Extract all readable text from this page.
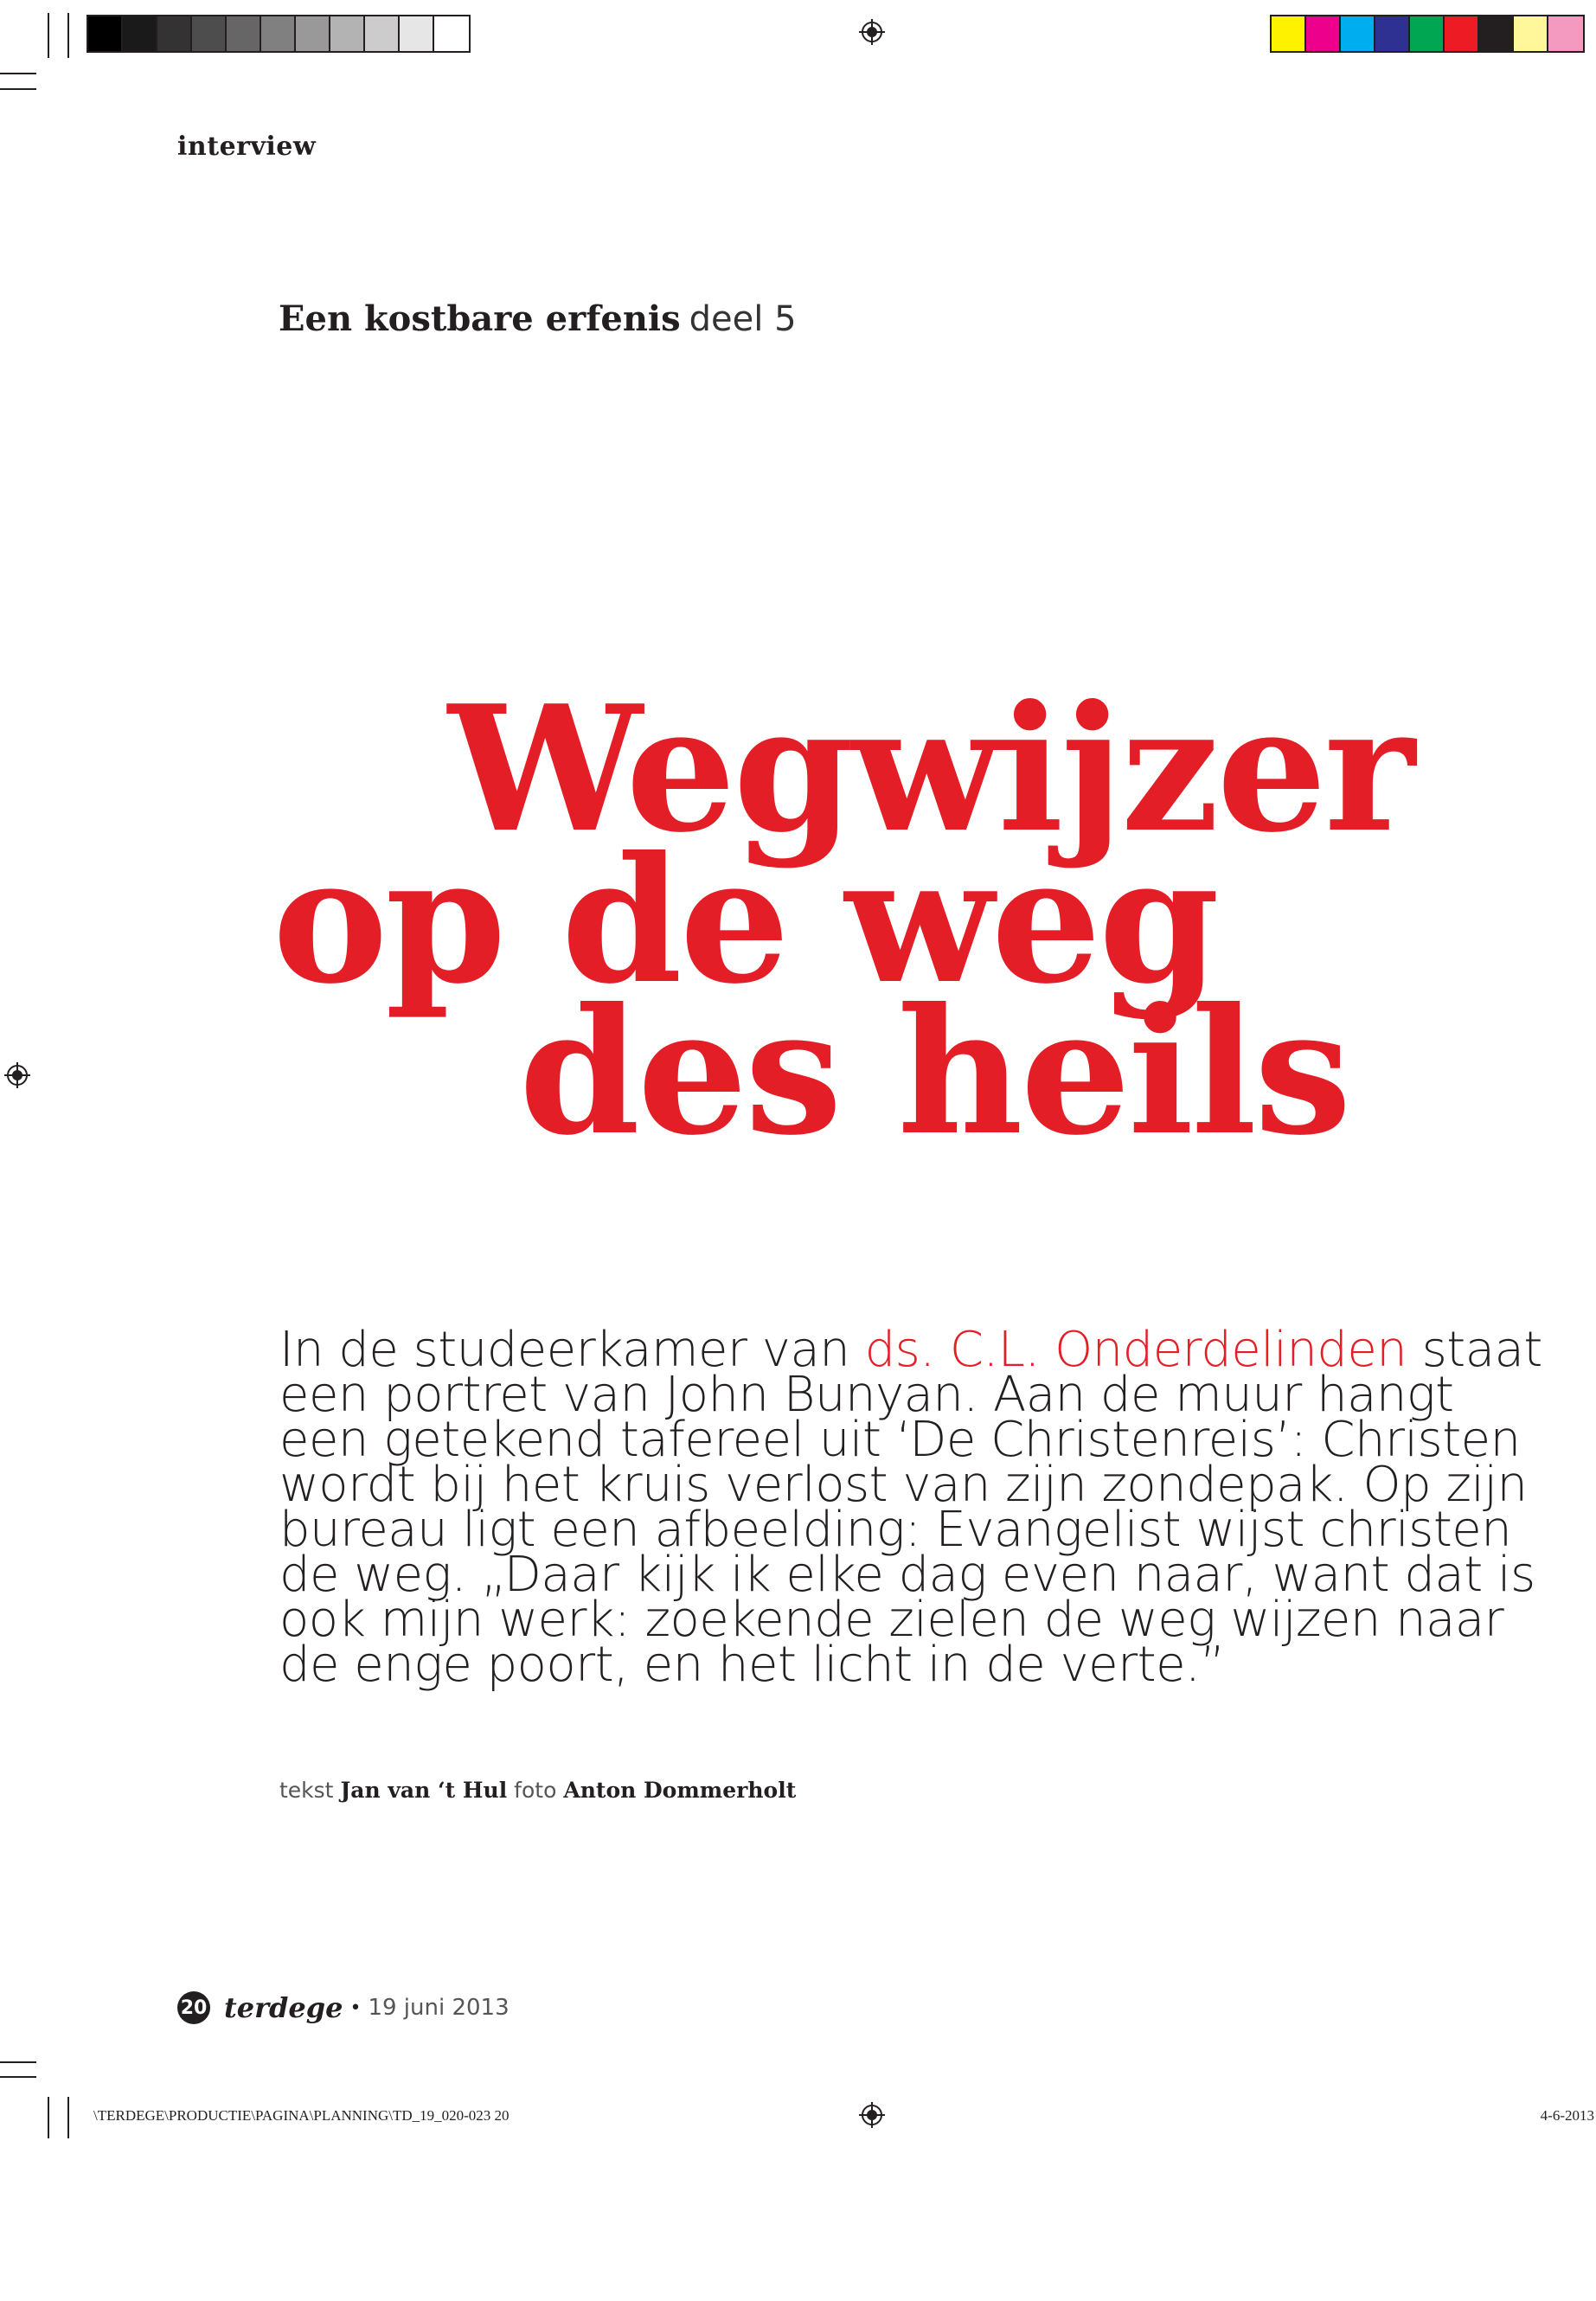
interview
Een kostbare erfenis deel 5
Wegwijzer
op de weg
des heils
In de studeerkamer van ds. C.L. Onderdelinden staat
een portret van John Bunyan. Aan de muur hangt
een getekend tafereel uit ‘De Christenreis’: Christen
wordt bij het kruis verlost van zijn zondepak. Op zijn
bureau ligt een afbeelding: Evangelist wijst christen
de weg. „Daar kijk ik elke dag even naar, want dat is
ook mijn werk: zoekende zielen de weg wijzen naar
de enge poort, en het licht in de verte.”
tekst Jan van ‘t Hul foto Anton Dommerholt
20 terdege • 19 juni 2013
\TERDEGE\PRODUCTIE\PAGINA\PLANNING\TD_19_020-023 20	4-6-2013
